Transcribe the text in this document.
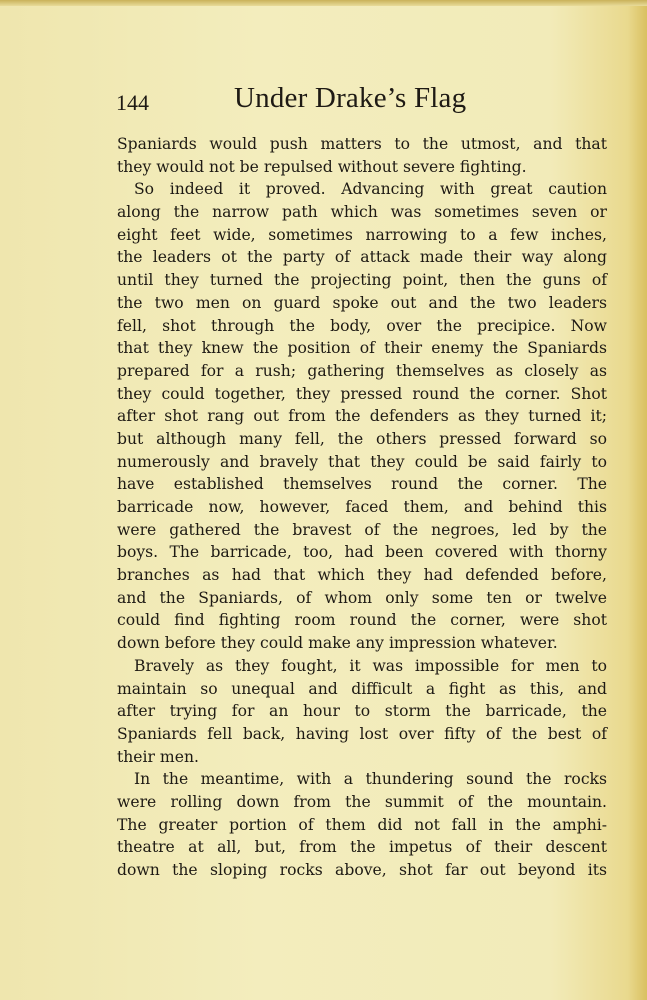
144	Under Drake’s Flag
Spaniards would push matters to the utmost, and that
they would not be repulsed without severe fighting.
So indeed it proved. Advancing with great caution
along the narrow path which was sometimes seven or
eight feet wide, sometimes narrowing to a few inches,
the leaders ot the party of attack made their way along
until they turned the projecting point, then the guns of
the two men on guard spoke out and the two leaders
fell, shot through the body, over the precipice. Now
that they knew the position of their enemy the Spaniards
prepared for a rush; gathering themselves as closely as
they could together, they pressed round the corner. Shot
after shot rang out from the defenders as they turned it;
but although many fell, the others pressed forward so
numerously and bravely that they could be said fairly to
have established themselves round the corner. The
barricade now, however, faced them, and behind this
were gathered the bravest of the negroes, led by the
boys. The barricade, too, had been covered with thorny
branches as had that which they had defended before,
and the Spaniards, of whom only some ten or twelve
could find fighting room round the corner, were shot
down before they could make any impression whatever.
Bravely as they fought, it was impossible for men to
maintain so unequal and difficult a fight as this, and
after trying for an hour to storm the barricade, the
Spaniards fell back, having lost over fifty of the best of
their men.
In the meantime, with a thundering sound the rocks
were rolling down from the summit of the mountain.
The greater portion of them did not fall in the amphi-
theatre at all, but, from the impetus of their descent
down the sloping rocks above, shot far out beyond its
